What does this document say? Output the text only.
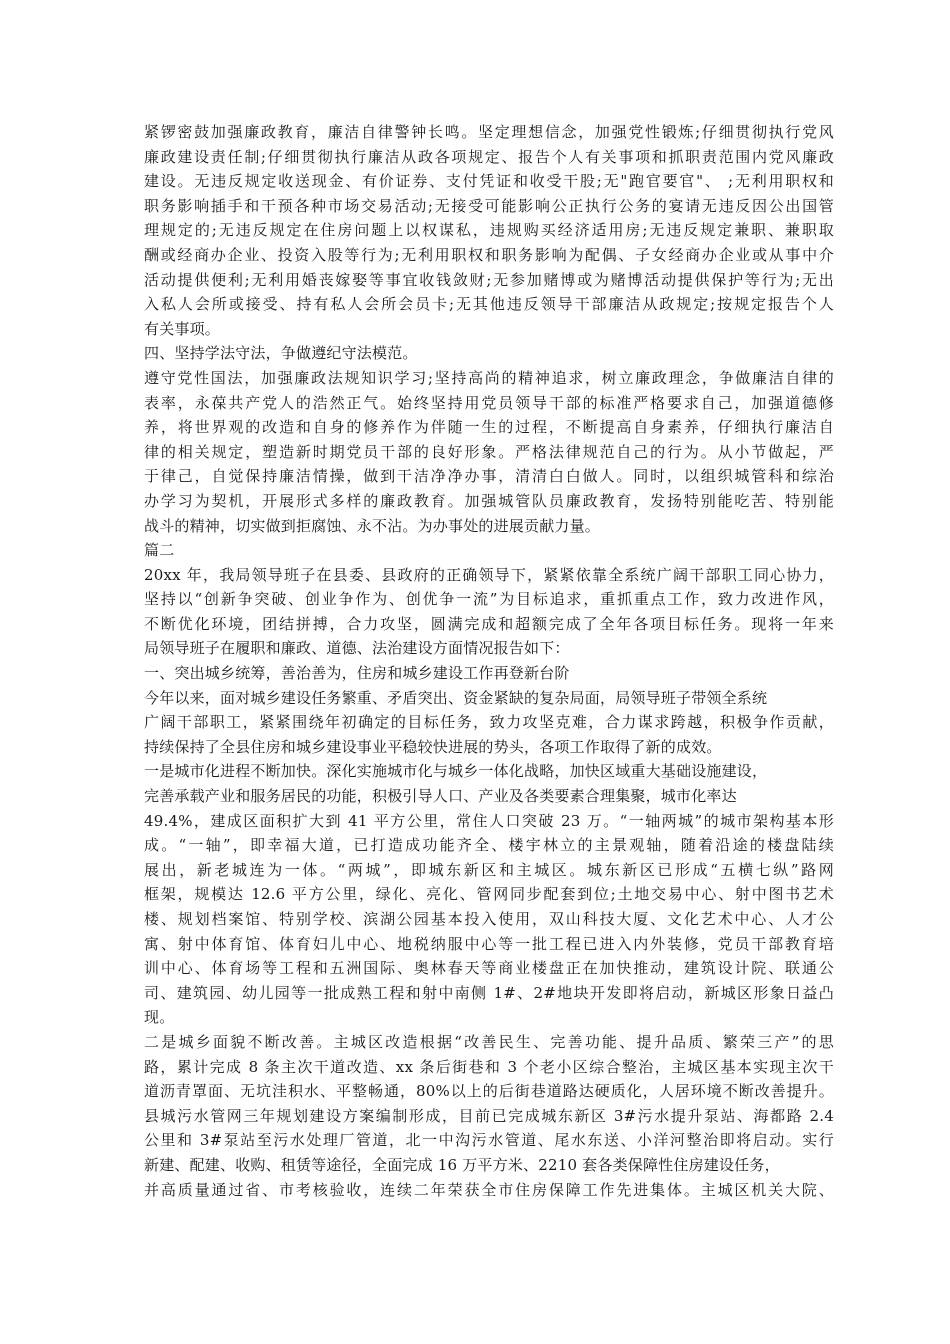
紧锣密鼓加强廉政教育，廉洁自律警钟长鸣。坚定理想信念，加强党性锻炼;仔细贯彻执行党风
廉政建设责任制;仔细贯彻执行廉洁从政各项规定、报告个人有关事项和抓职责范围内党风廉政
建设。无违反规定收送现金、有价证券、支付凭证和收受干股;无"跑官要官"、 ;无利用职权和
职务影响插手和干预各种市场交易活动;无接受可能影响公正执行公务的宴请无违反因公出国管
理规定的;无违反规定在住房问题上以权谋私，违规购买经济适用房;无违反规定兼职、兼职取
酬或经商办企业、投资入股等行为;无利用职权和职务影响为配偶、子女经商办企业或从事中介
活动提供便利;无利用婚丧嫁娶等事宜收钱敛财;无参加赌博或为赌博活动提供保护等行为;无出
入私人会所或接受、持有私人会所会员卡;无其他违反领导干部廉洁从政规定;按规定报告个人
有关事项。
四、坚持学法守法，争做遵纪守法模范。
遵守党性国法，加强廉政法规知识学习;坚持高尚的精神追求，树立廉政理念，争做廉洁自律的
表率，永葆共产党人的浩然正气。始终坚持用党员领导干部的标准严格要求自己，加强道德修
养，将世界观的改造和自身的修养作为伴随一生的过程，不断提高自身素养，仔细执行廉洁自
律的相关规定，塑造新时期党员干部的良好形象。严格法律规范自己的行为。从小节做起，严
于律己，自觉保持廉洁情操，做到干洁净净办事，清清白白做人。同时，以组织城管科和综治
办学习为契机，开展形式多样的廉政教育。加强城管队员廉政教育，发扬特别能吃苦、特别能
战斗的精神，切实做到拒腐蚀、永不沾。为办事处的进展贡献力量。
篇二
20xx 年，我局领导班子在县委、县政府的正确领导下，紧紧依靠全系统广阔干部职工同心协力，
坚持以“创新争突破、创业争作为、创优争一流”为目标追求，重抓重点工作，致力改进作风，
不断优化环境，团结拼搏，合力攻坚，圆满完成和超额完成了全年各项目标任务。现将一年来
局领导班子在履职和廉政、道德、法治建设方面情况报告如下：
一、突出城乡统筹，善治善为，住房和城乡建设工作再登新台阶
今年以来，面对城乡建设任务繁重、矛盾突出、资金紧缺的复杂局面，局领导班子带领全系统
广阔干部职工，紧紧围绕年初确定的目标任务，致力攻坚克难，合力谋求跨越，积极争作贡献，
持续保持了全县住房和城乡建设事业平稳较快进展的势头，各项工作取得了新的成效。
一是城市化进程不断加快。深化实施城市化与城乡一体化战略，加快区域重大基础设施建设，
完善承载产业和服务居民的功能，积极引导人口、产业及各类要素合理集聚，城市化率达
49.4%，建成区面积扩大到 41 平方公里，常住人口突破 23 万。“一轴两城”的城市架构基本形
成。“一轴”，即幸福大道，已打造成功能齐全、楼宇林立的主景观轴，随着沿途的楼盘陆续
展出，新老城连为一体。“两城”，即城东新区和主城区。城东新区已形成“五横七纵”路网
框架，规模达 12.6 平方公里，绿化、亮化、管网同步配套到位;土地交易中心、射中图书艺术
楼、规划档案馆、特别学校、滨湖公园基本投入使用，双山科技大厦、文化艺术中心、人才公
寓、射中体育馆、体育妇儿中心、地税纳服中心等一批工程已进入内外装修，党员干部教育培
训中心、体育场等工程和五洲国际、奥林春天等商业楼盘正在加快推动，建筑设计院、联通公
司、建筑园、幼儿园等一批成熟工程和射中南侧 1#、2#地块开发即将启动，新城区形象日益凸
现。
二是城乡面貌不断改善。主城区改造根据“改善民生、完善功能、提升品质、繁荣三产”的思
路，累计完成 8 条主次干道改造、xx 条后街巷和 3 个老小区综合整治，主城区基本实现主次干
道沥青罩面、无坑洼积水、平整畅通，80%以上的后街巷道路达硬质化，人居环境不断改善提升。
县城污水管网三年规划建设方案编制形成，目前已完成城东新区 3#污水提升泵站、海都路 2.4
公里和 3#泵站至污水处理厂管道，北一中沟污水管道、尾水东送、小洋河整治即将启动。实行
新建、配建、收购、租赁等途径，全面完成 16 万平方米、2210 套各类保障性住房建设任务，
并高质量通过省、市考核验收，连续二年荣获全市住房保障工作先进集体。主城区机关大院、
